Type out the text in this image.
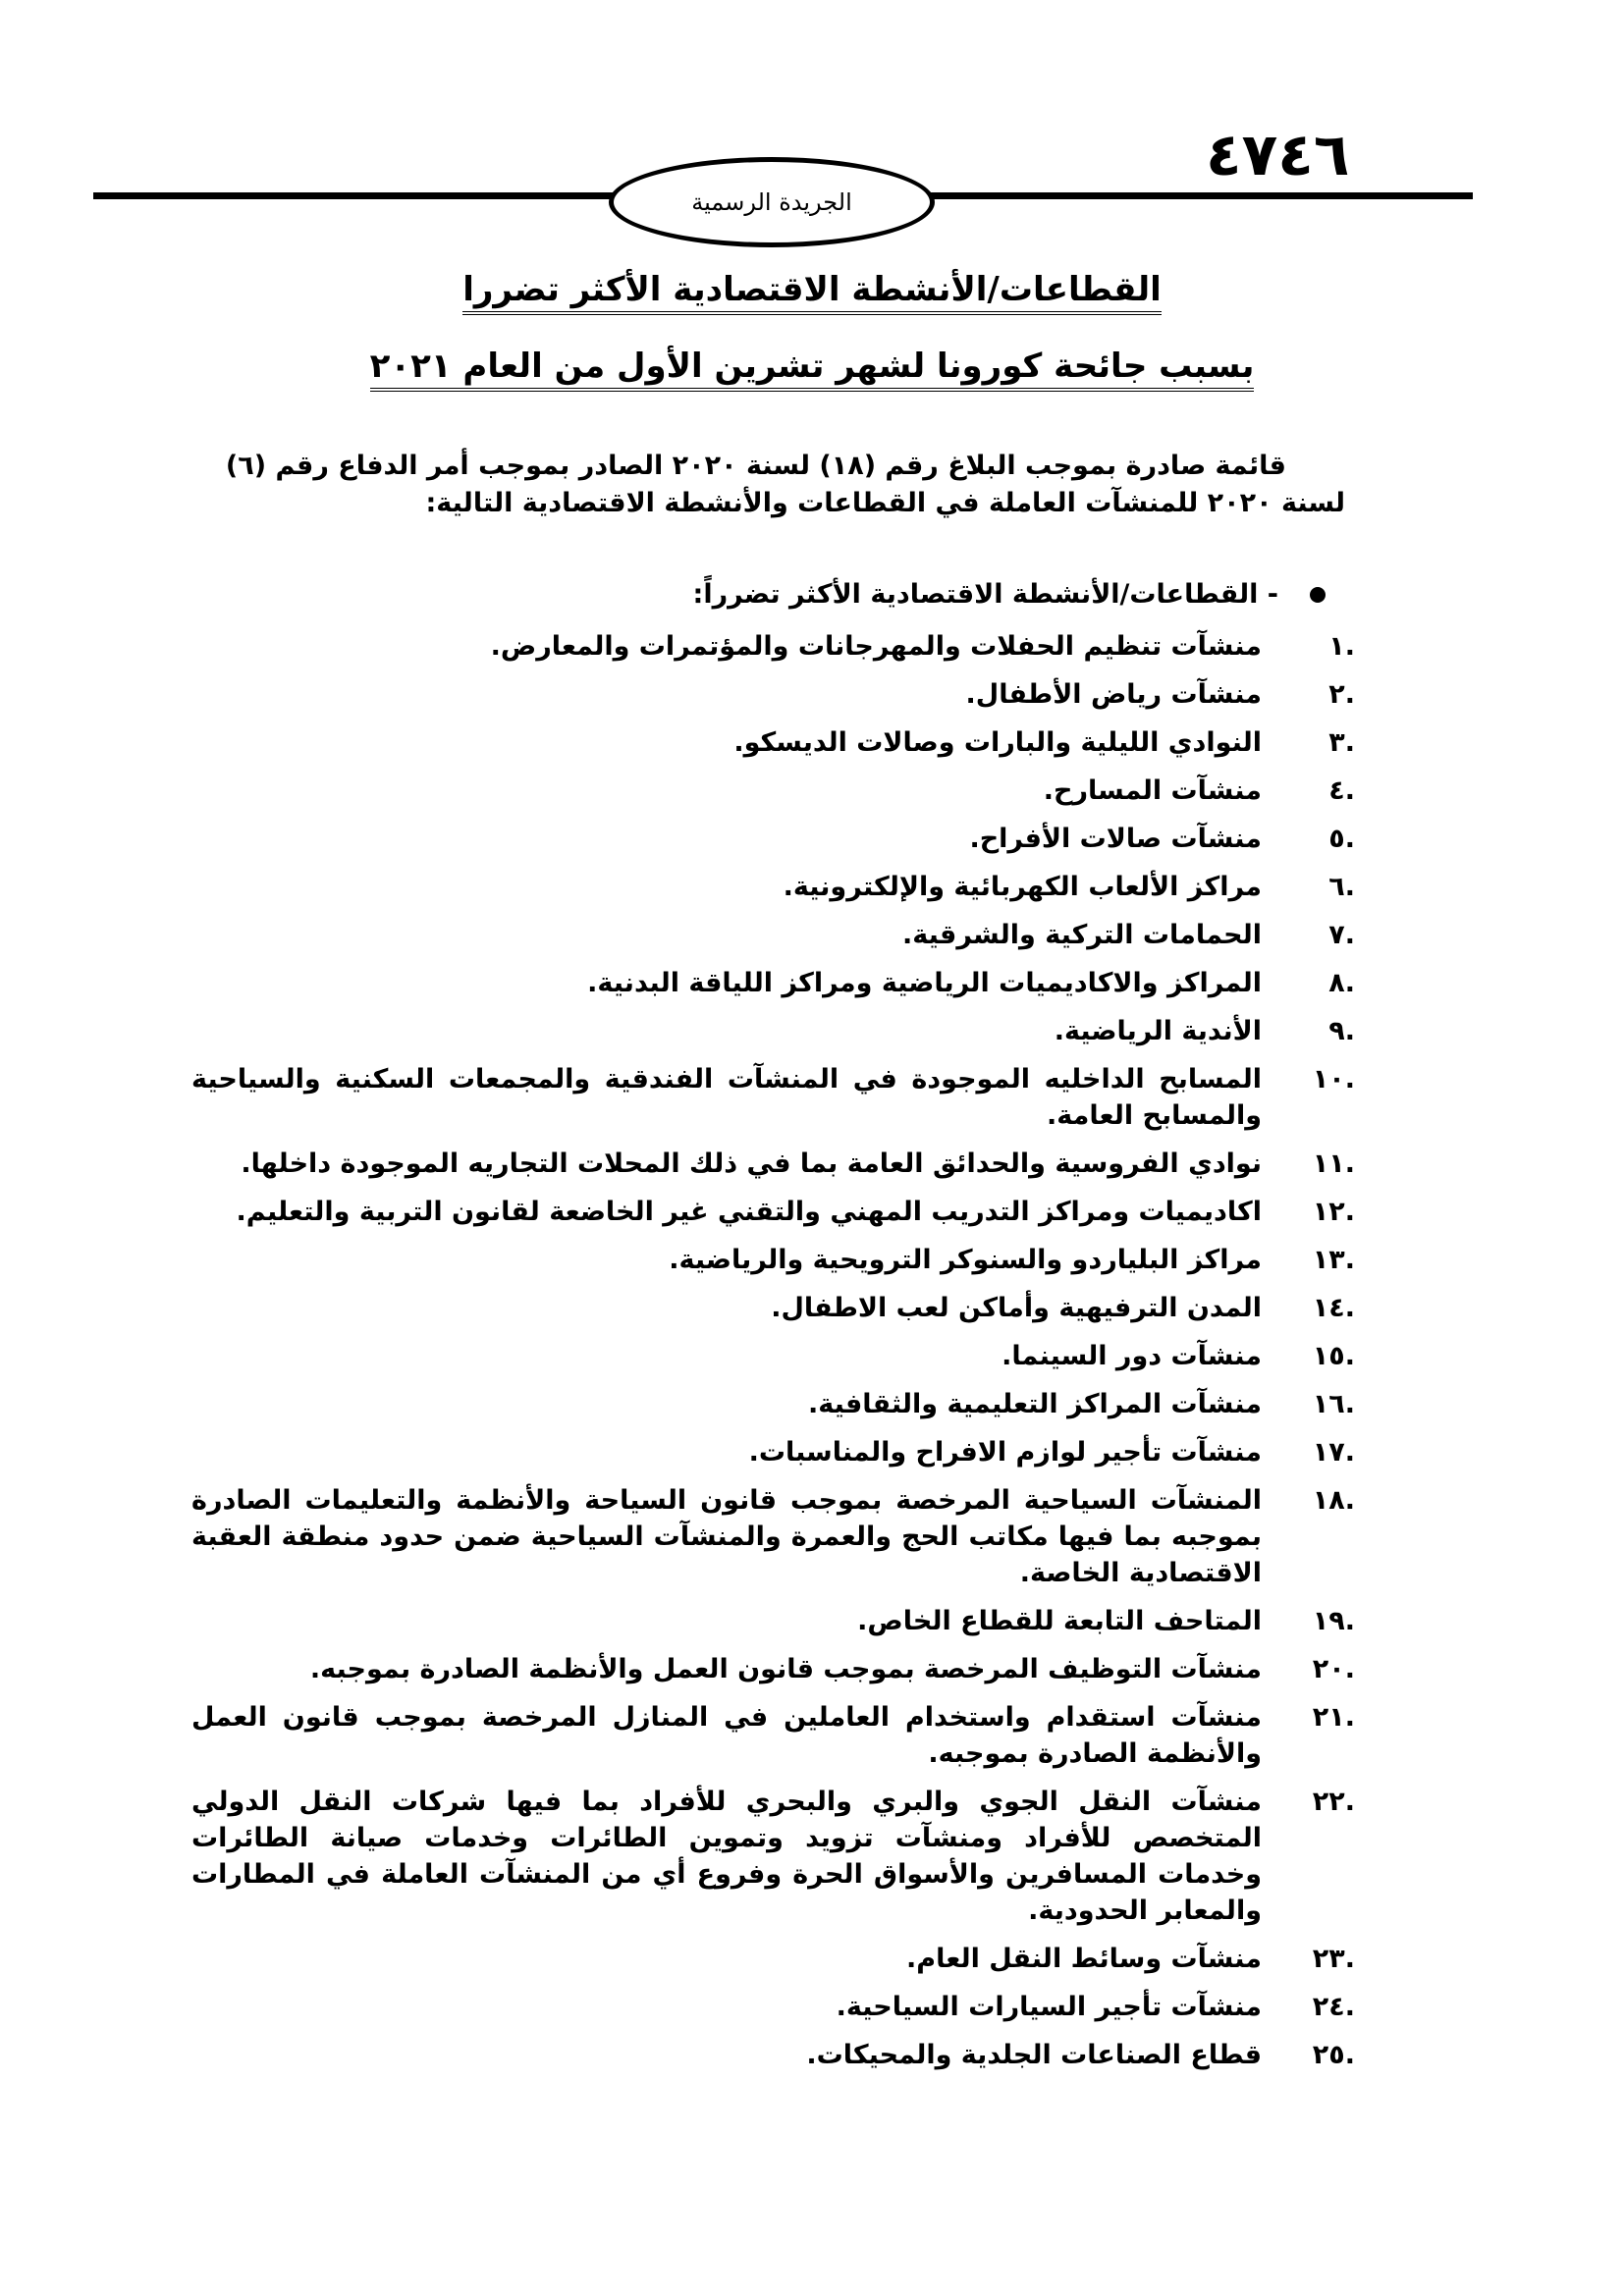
٤٧٤٦
الجريدة الرسمية
القطاعات/الأنشطة الاقتصادية الأكثر تضررا
بسبب جائحة كورونا لشهر تشرين الأول من العام ٢٠٢١

قائمة صادرة بموجب البلاغ رقم (١٨) لسنة ٢٠٢٠ الصادر بموجب أمر الدفاع رقم (٦)

لسنة ٢٠٢٠ للمنشآت العاملة في القطاعات والأنشطة الاقتصادية التالية:

- القطاعات/الأنشطة الاقتصادية الأكثر تضرراً:
.١
منشآت تنظيم الحفلات والمهرجانات والمؤتمرات والمعارض.
.٢
منشآت رياض الأطفال.
.٣
النوادي الليلية والبارات وصالات الديسكو.
.٤
منشآت المسارح.
.٥
منشآت صالات الأفراح.
.٦
مراكز الألعاب الكهربائية والإلكترونية.
.٧
الحمامات التركية والشرقية.
.٨
المراكز والاكاديميات الرياضية ومراكز اللياقة البدنية.
.٩
الأندية الرياضية.
.١٠
المسابح الداخليه الموجودة في المنشآت الفندقية والمجمعات السكنية والسياحية والمسابح العامة.
.١١
نوادي الفروسية والحدائق العامة بما في ذلك المحلات التجاريه الموجودة داخلها.
.١٢
اكاديميات ومراكز التدريب المهني والتقني غير الخاضعة لقانون التربية والتعليم.
.١٣
مراكز البلياردو والسنوكر الترويحية والرياضية.
.١٤
المدن الترفيهية وأماكن لعب الاطفال.
.١٥
منشآت دور السينما.
.١٦
منشآت المراكز التعليمية والثقافية.
.١٧
منشآت تأجير لوازم الافراح والمناسبات.
.١٨
المنشآت السياحية المرخصة بموجب قانون السياحة والأنظمة والتعليمات الصادرة بموجبه بما فيها مكاتب الحج والعمرة والمنشآت السياحية ضمن حدود منطقة العقبة الاقتصادية الخاصة.
.١٩
المتاحف التابعة للقطاع الخاص.
.٢٠
منشآت التوظيف المرخصة بموجب قانون العمل والأنظمة الصادرة بموجبه.
.٢١
منشآت استقدام واستخدام العاملين في المنازل المرخصة بموجب قانون العمل والأنظمة الصادرة بموجبه.
.٢٢
منشآت النقل الجوي والبري والبحري للأفراد بما فيها شركات النقل الدولي المتخصص للأفراد ومنشآت تزويد وتموين الطائرات وخدمات صيانة الطائرات وخدمات المسافرين والأسواق الحرة وفروع أي من المنشآت العاملة في المطارات والمعابر الحدودية.
.٢٣
منشآت وسائط النقل العام.
.٢٤
منشآت تأجير السيارات السياحية.
.٢٥
قطاع الصناعات الجلدية والمحيكات.
